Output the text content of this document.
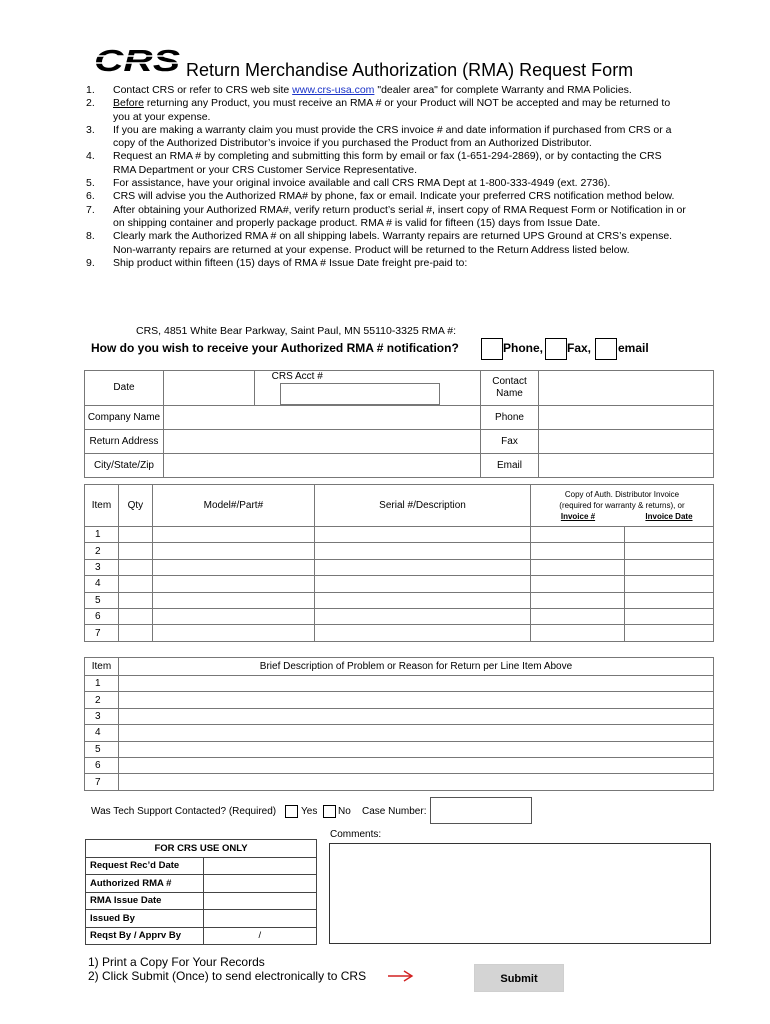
CRS Return Merchandise Authorization (RMA) Request Form
1. Contact CRS or refer to CRS web site www.crs-usa.com "dealer area" for complete Warranty and RMA Policies.
2. Before returning any Product, you must receive an RMA # or your Product will NOT be accepted and may be returned to you at your expense.
3. If you are making a warranty claim you must provide the CRS invoice # and date information if purchased from CRS or a copy of the Authorized Distributor’s invoice if you purchased the Product from an Authorized Distributor.
4. Request an RMA # by completing and submitting this form by email or fax (1-651-294-2869), or by contacting the CRS RMA Department or your CRS Customer Service Representative.
5. For assistance, have your original invoice available and call CRS RMA Dept at 1-800-333-4949 (ext. 2736).
6. CRS will advise you the Authorized RMA# by phone, fax or email. Indicate your preferred CRS notification method below.
7. After obtaining your Authorized RMA#, verify return product’s serial #, insert copy of RMA Request Form or Notification in or on shipping container and properly package product. RMA # is valid for fifteen (15) days from Issue Date.
8. Clearly mark the Authorized RMA # on all shipping labels. Warranty repairs are returned UPS Ground at CRS’s expense. Non-warranty repairs are returned at your expense. Product will be returned to the Return Address listed below.
9. Ship product within fifteen (15) days of RMA # Issue Date freight pre-paid to:
CRS, 4851 White Bear Parkway, Saint Paul, MN 55110-3325 RMA #:
How do you wish to receive your Authorized RMA # notification?	Phone, Fax, email
Date		CRS Acct #	Contact Name	
Company Name			Phone	
Return Address			Fax	
City/State/Zip			Email	
Item	Qty	Model#/Part#	Serial #/Description	Copy of Auth. Distributor Invoice
(required for warranty & returns), or
Invoice # Invoice Date	

1					
2					
3					
4					
5					
6					
7					
Item	Brief Description of Problem or Reason for Return per Line Item Above
1	
2	
3	
4	
5	
6	
7	
Was Tech Support Contacted? (Required) Yes No Case Number:
Comments:
FOR CRS USE ONLY	
Request Rec’d Date	
Authorized RMA #	
RMA Issue Date	
Issued By	
Reqst By / Apprv By	/
1) Print a Copy For Your Records
2) Click Submit (Once) to send electronically to CRS	Submit
